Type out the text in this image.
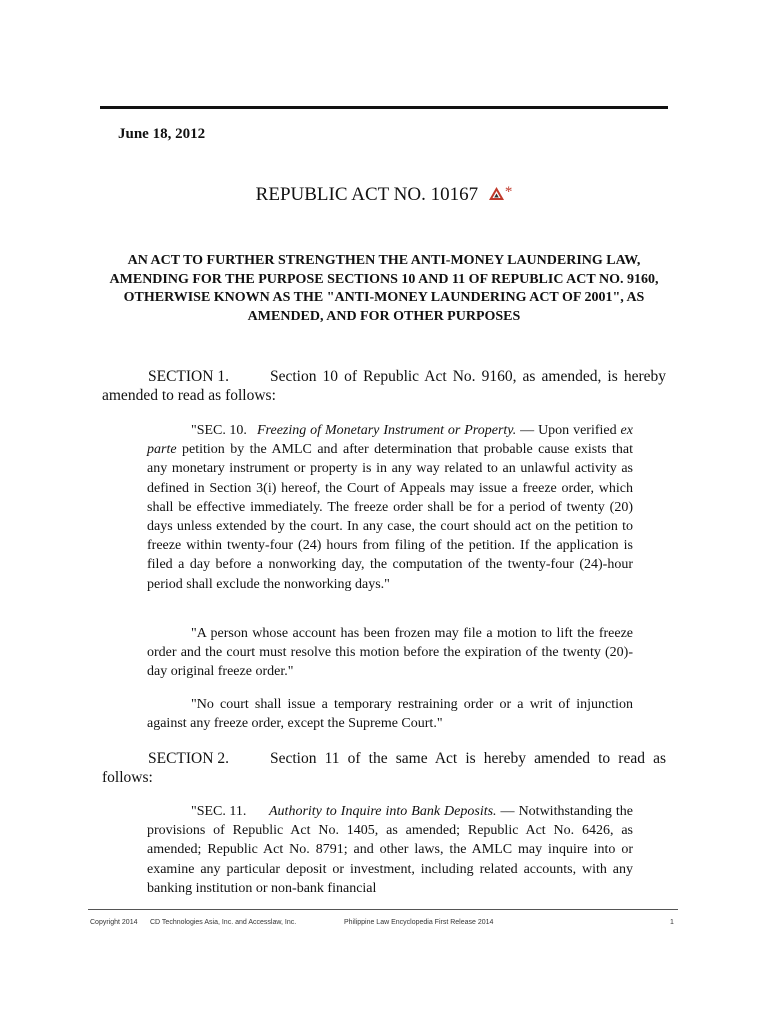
June 18, 2012
REPUBLIC ACT NO. 10167 *
AN ACT TO FURTHER STRENGTHEN THE ANTI-MONEY LAUNDERING LAW, AMENDING FOR THE PURPOSE SECTIONS 10 AND 11 OF REPUBLIC ACT NO. 9160, OTHERWISE KNOWN AS THE "ANTI-MONEY LAUNDERING ACT OF 2001", AS AMENDED, AND FOR OTHER PURPOSES
SECTION 1.	Section 10 of Republic Act No. 9160, as amended, is hereby amended to read as follows:
"SEC. 10. Freezing of Monetary Instrument or Property. — Upon verified ex parte petition by the AMLC and after determination that probable cause exists that any monetary instrument or property is in any way related to an unlawful activity as defined in Section 3(i) hereof, the Court of Appeals may issue a freeze order, which shall be effective immediately. The freeze order shall be for a period of twenty (20) days unless extended by the court. In any case, the court should act on the petition to freeze within twenty-four (24) hours from filing of the petition. If the application is filed a day before a nonworking day, the computation of the twenty-four (24)-hour period shall exclude the nonworking days."
"A person whose account has been frozen may file a motion to lift the freeze order and the court must resolve this motion before the expiration of the twenty (20)-day original freeze order."
"No court shall issue a temporary restraining order or a writ of injunction against any freeze order, except the Supreme Court."
SECTION 2.	Section 11 of the same Act is hereby amended to read as follows:
"SEC. 11. Authority to Inquire into Bank Deposits. — Notwithstanding the provisions of Republic Act No. 1405, as amended; Republic Act No. 6426, as amended; Republic Act No. 8791; and other laws, the AMLC may inquire into or examine any particular deposit or investment, including related accounts, with any banking institution or non-bank financial
Copyright 2014 CD Technologies Asia, Inc. and Accesslaw, Inc.	Philippine Law Encyclopedia First Release 2014	1
